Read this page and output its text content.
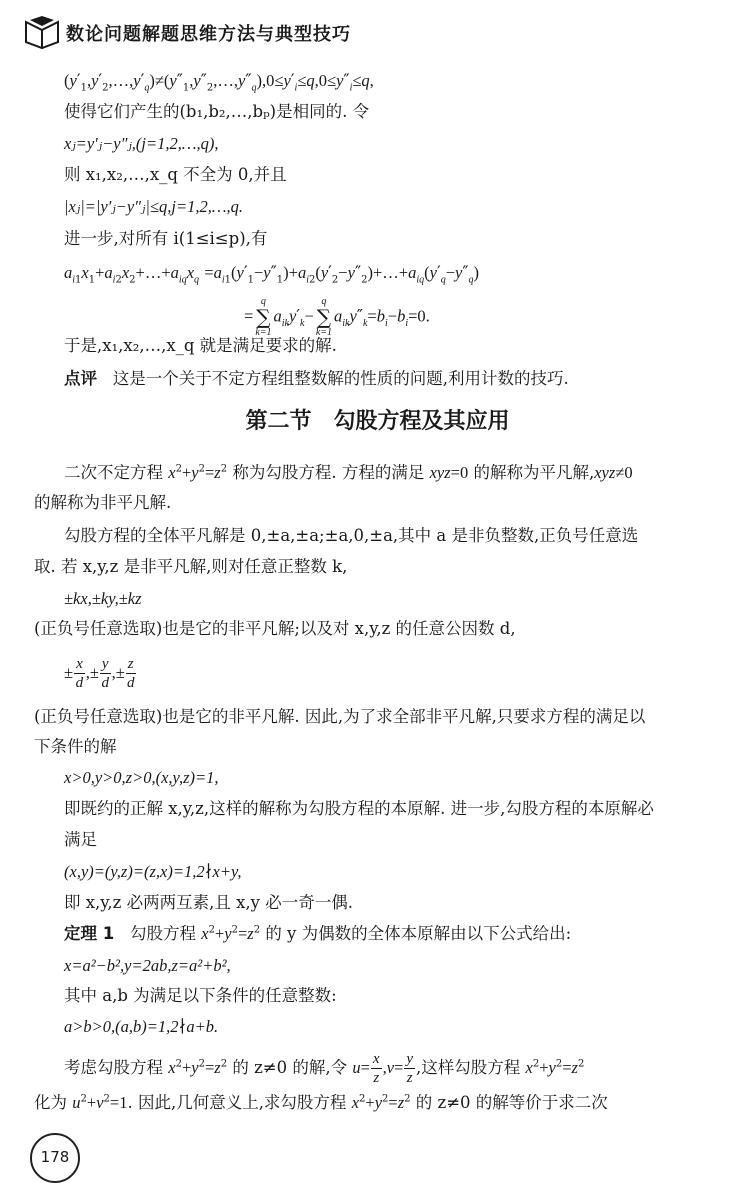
数论问题解题思维方法与典型技巧
$(y'_1,y'_2,\dots,y'_q)\ne(y''_1,y''_2,\dots,y''_q),0\le y'_i\le q,0\le y''_i\le q$,
使得它们产生的(b₁,b₂,…,bₚ)是相同的. 令
xⱼ=y′ⱼ−y″ⱼ,(j=1,2,…,q),
则 x₁,x₂,…,x_q 不全为 0,并且
|xⱼ|=|y′ⱼ−y″ⱼ|≤q,j=1,2,…,q.
进一步,对所有 i(1≤i≤p),有
$a_{i1}x_1+a_{i2}x_2+\dots+a_{iq}x_q$ $=a_{i1}(y'_1-y''_1)+a_{i2}(y'_2-y''_2)+\dots+a_{iq}(y'_q-y''_q)$
=
q
∑
k=1
$a_{ik}y'_k-$
q
∑
k=1
$a_{ik}y''_k=b_i-b_i=0$.
于是,x₁,x₂,…,x_q 就是满足要求的解.
点评 这是一个关于不定方程组整数解的性质的问题,利用计数的技巧.
第二节　勾股方程及其应用
二次不定方程 $x^2+y^2=z^2$ 称为勾股方程. 方程的满足 xyz=0 的解称为平凡解,xyz≠0
的解称为非平凡解.
勾股方程的全体平凡解是 0,±a,±a;±a,0,±a,其中 a 是非负整数,正负号任意选
取. 若 x,y,z 是非平凡解,则对任意正整数 k,
±kx,±ky,±kz
(正负号任意选取)也是它的非平凡解;以及对 x,y,z 的任意公因数 d,
± $\frac{x}{d}$ ,± $\frac{y}{d}$ ,± $\frac{z}{d}$
(正负号任意选取)也是它的非平凡解. 因此,为了求全部非平凡解,只要求方程的满足以
下条件的解
x>0,y>0,z>0,(x,y,z)=1,
即既约的正解 x,y,z,这样的解称为勾股方程的本原解. 进一步,勾股方程的本原解必
满足
(x,y)=(y,z)=(z,x)=1,2∤x+y,
即 x,y,z 必两两互素,且 x,y 必一奇一偶.
定理 1 勾股方程 $x^2+y^2=z^2$ 的 y 为偶数的全体本原解由以下公式给出:
x=a²−b²,y=2ab,z=a²+b²,
其中 a,b 为满足以下条件的任意整数:
a>b>0,(a,b)=1,2∤a+b.
考虑勾股方程 $x^2+y^2=z^2$ 的 z≠0 的解,令 $u= \frac{x}{z} ,v= \frac{y}{z}$ ,这样勾股方程 $x^2+y^2=z^2$
化为 $u^2+v^2=1$. 因此,几何意义上,求勾股方程 $x^2+y^2=z^2$ 的 z≠0 的解等价于求二次
178
